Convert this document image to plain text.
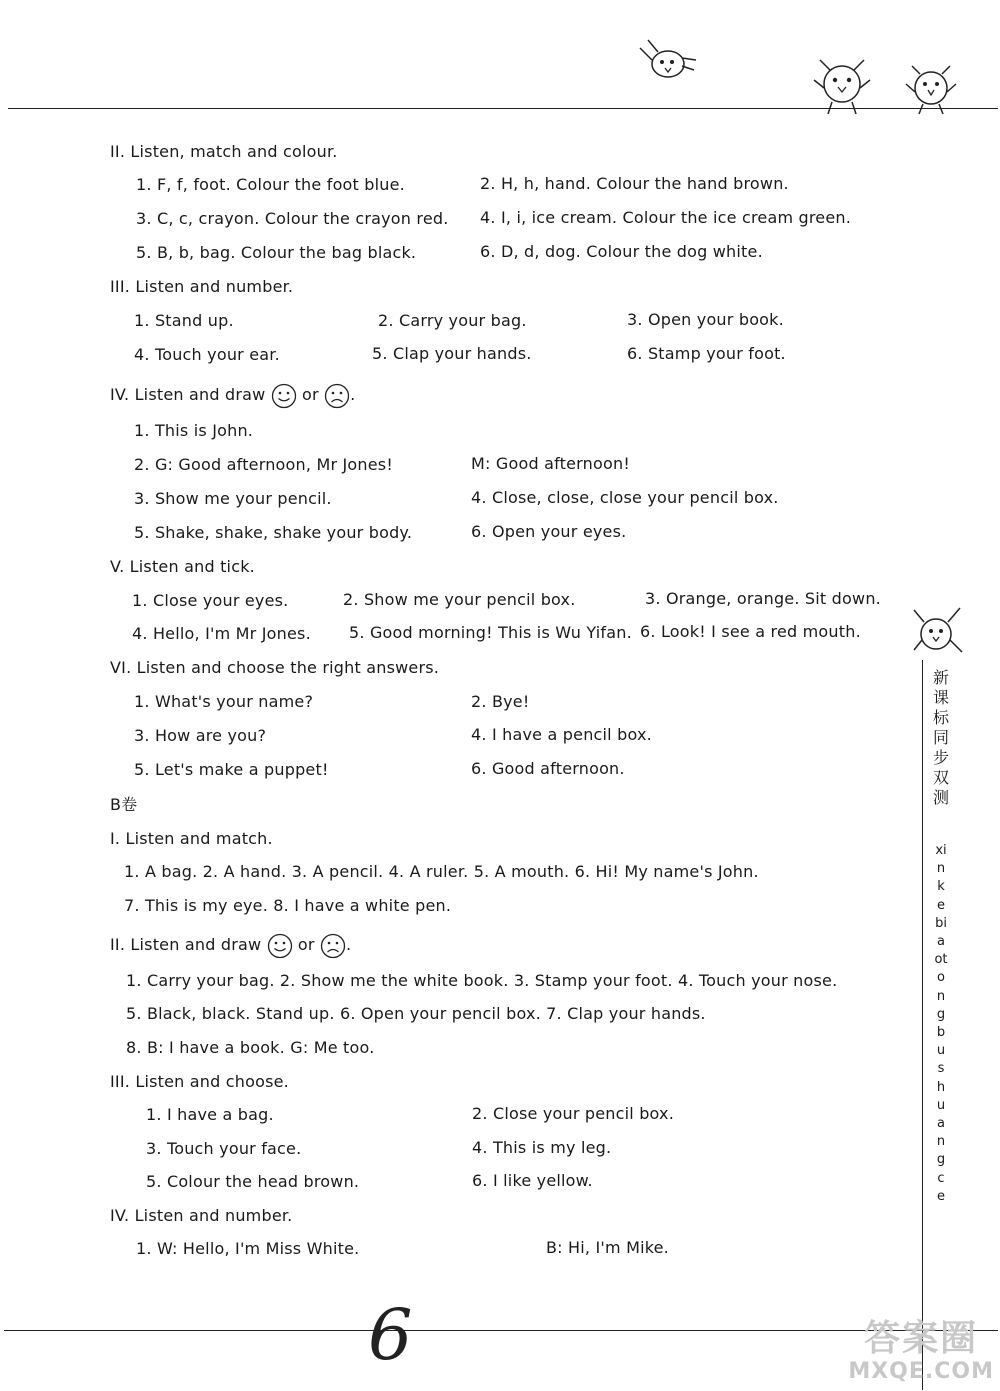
II. Listen, match and colour.
1. F, f, foot. Colour the foot blue.	2. H, h, hand. Colour the hand brown.
3. C, c, crayon. Colour the crayon red. 4. I, i, ice cream. Colour the ice cream green.
5. B, b, bag. Colour the bag black.	6. D, d, dog. Colour the dog white.
III. Listen and number.
1. Stand up.	2. Carry your bag.	3. Open your book.
4. Touch your ear.	5. Clap your hands.	6. Stamp your foot.
IV. Listen and draw or .
1. This is John.
2. G: Good afternoon, Mr Jones!	M: Good afternoon!
3. Show me your pencil.	4. Close, close, close your pencil box.
5. Shake, shake, shake your body.	6. Open your eyes.
V. Listen and tick.
1. Close your eyes.	2. Show me your pencil box.	3. Orange, orange. Sit down.
4. Hello, I'm Mr Jones. 5. Good morning! This is Wu Yifan. 6. Look! I see a red mouth.
VI. Listen and choose the right answers.
1. What's your name?	2. Bye!
3. How are you?	4. I have a pencil box.
5. Let's make a puppet!	6. Good afternoon.
B卷
I. Listen and match.
1. A bag. 2. A hand. 3. A pencil. 4. A ruler. 5. A mouth. 6. Hi! My name's John.
7. This is my eye. 8. I have a white pen.
II. Listen and draw or .
1. Carry your bag. 2. Show me the white book. 3. Stamp your foot. 4. Touch your nose.
5. Black, black. Stand up. 6. Open your pencil box. 7. Clap your hands.
8. B: I have a book. G: Me too.
III. Listen and choose.
1. I have a bag.	2. Close your pencil box.
3. Touch your face.	4. This is my leg.
5. Colour the head brown.	6. I like yellow.
IV. Listen and number.
1. W: Hello, I'm Miss White.	B: Hi, I'm Mike.
新课标同步双测
xinkebiaotongbushuangce
6	答案圈
MXQE.COM
